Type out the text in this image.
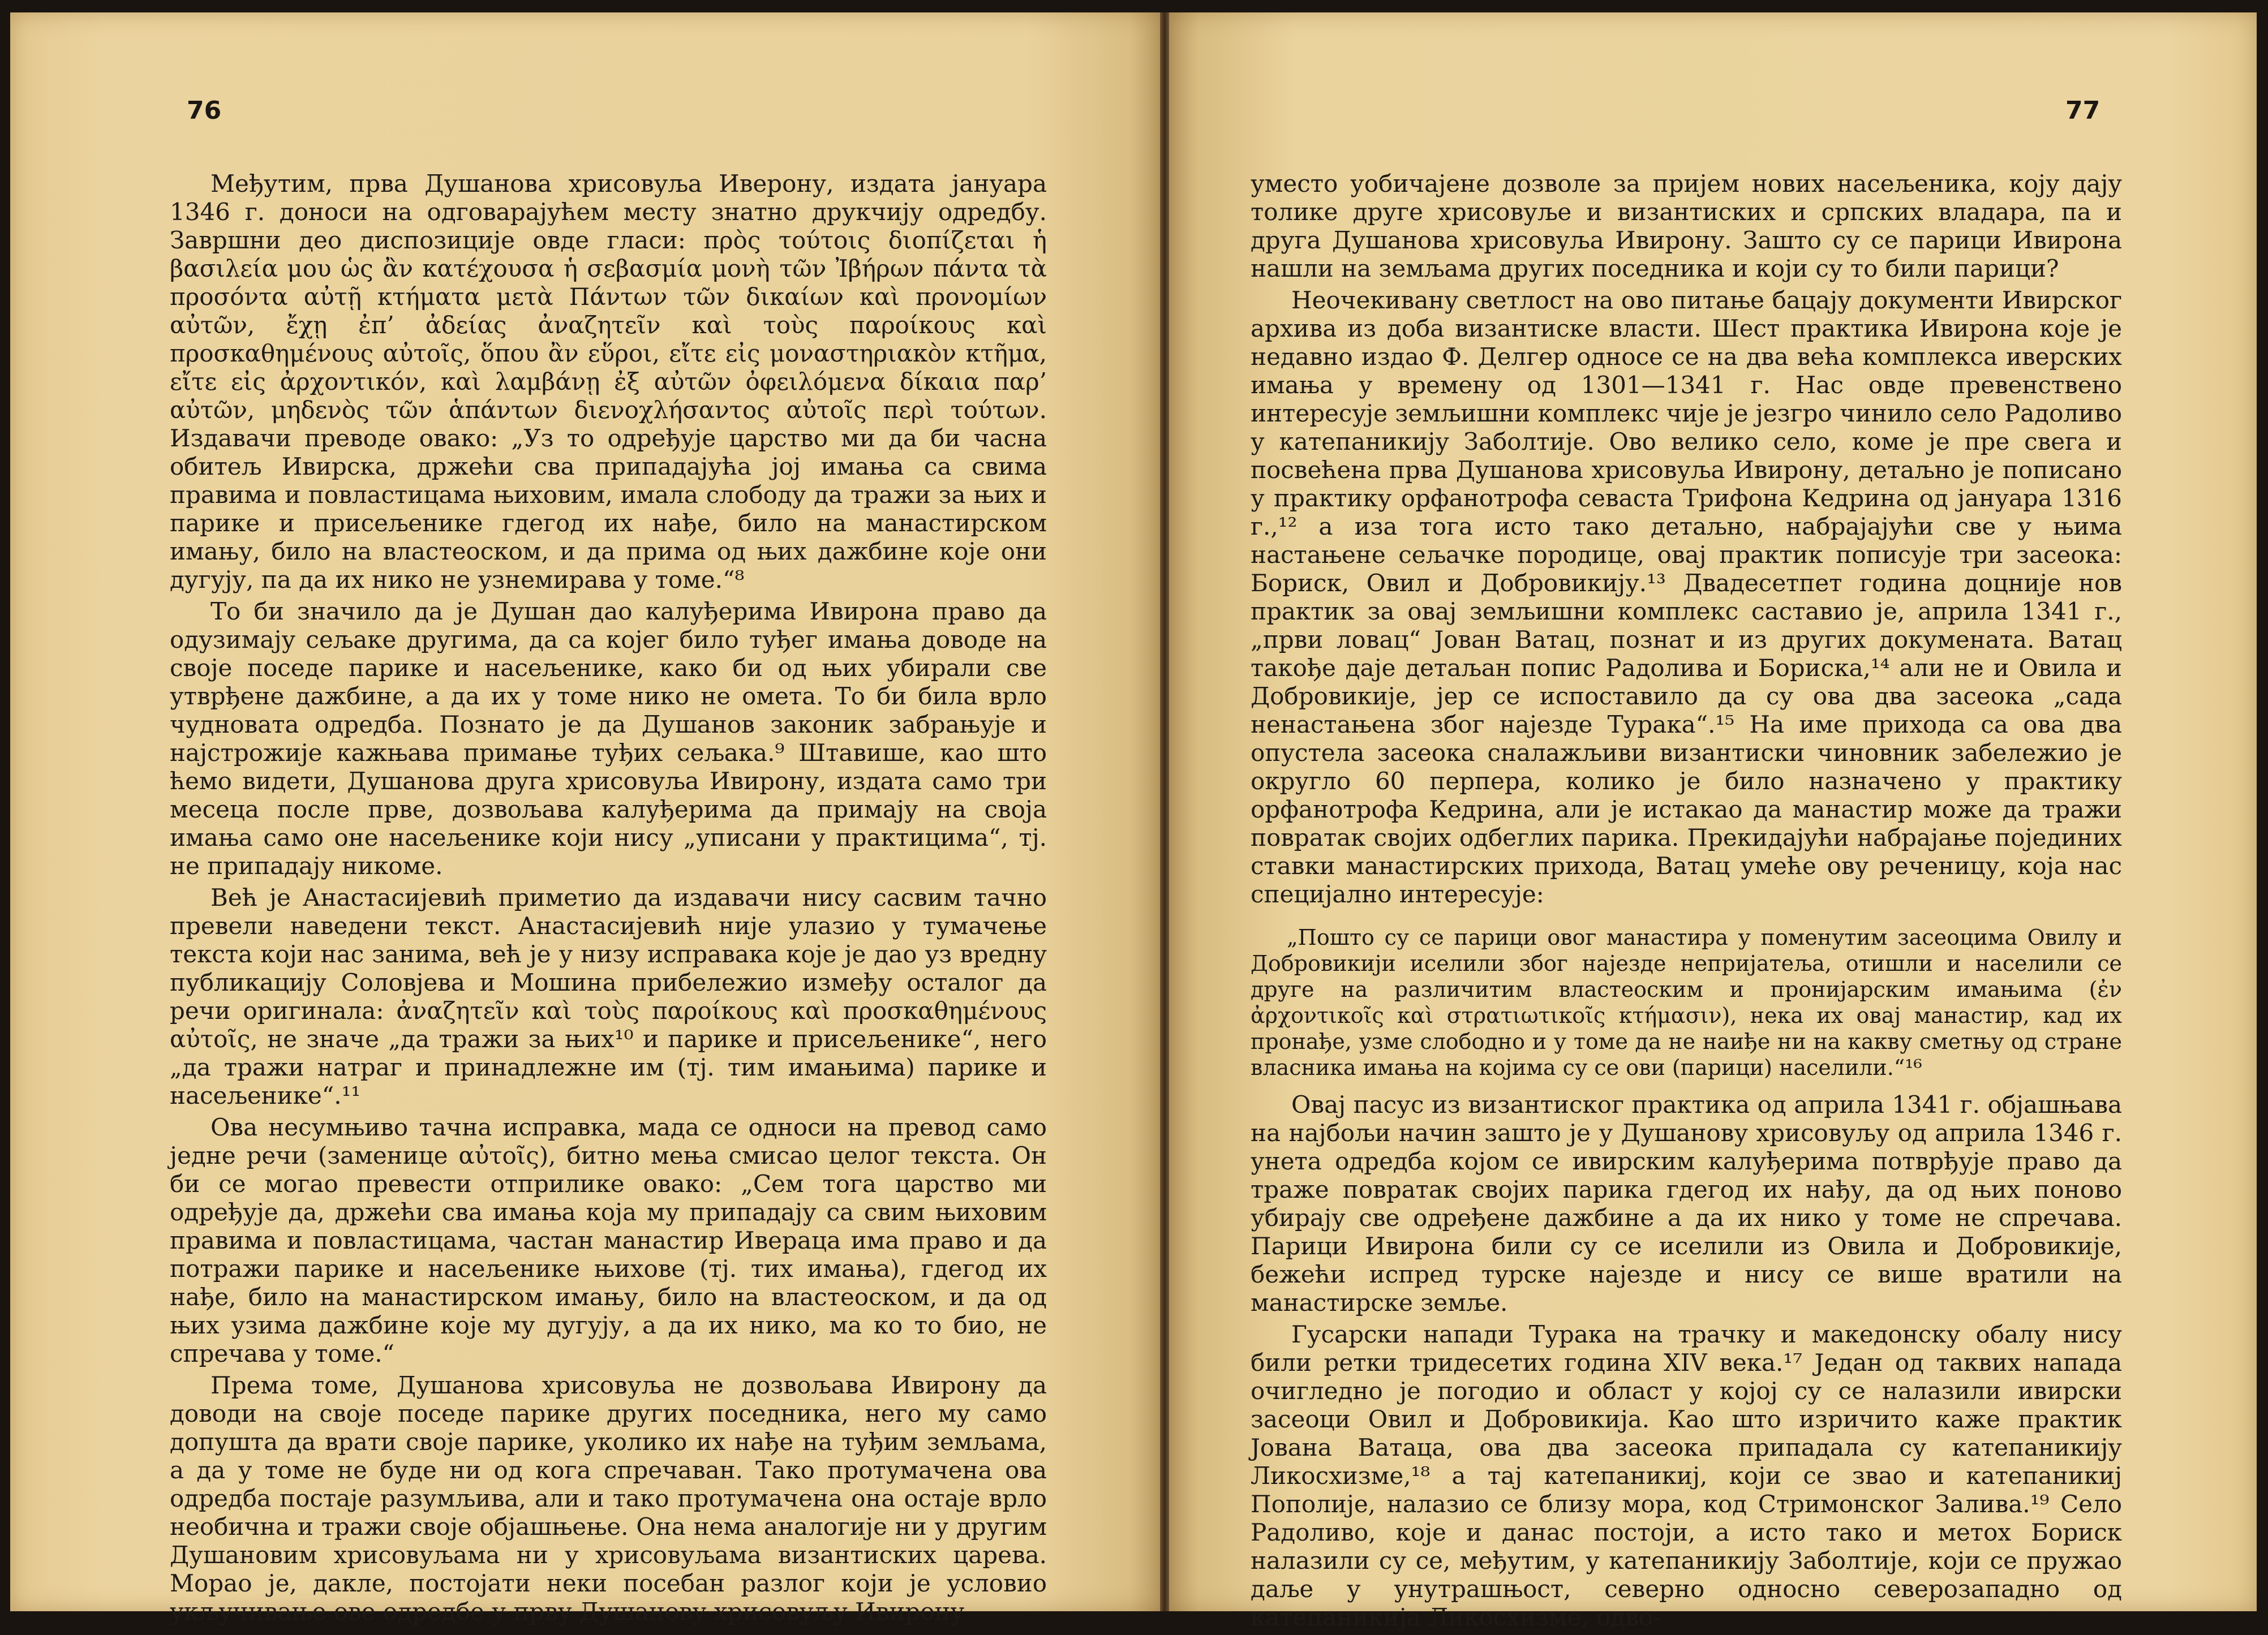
76	77

Међутим, прва Душанова хрисовуља Иверону, издата јануара 1346 г. доноси на одговарајућем месту знатно друкчију одредбу. Завршни део диспозиције овде гласи: πρὸς τούτοις διοπίζεται ἡ βασιλεία μου ὡς ἂν κατέχουσα ἡ σεβασμία μονὴ τῶν Ἰβήρων πάντα τὰ προσόντα αὐτῇ κτήματα μετὰ Πάντων τῶν δικαίων καὶ προνομίων αὐτῶν, ἔχῃ ἐπ’ ἀδείας ἀναζητεῖν καὶ τοὺς παροίκους καὶ προσκαθημένους αὐτοῖς, ὅπου ἂν εὕροι, εἴτε εἰς μοναστηριακὸν κτῆμα, εἴτε εἰς ἀρχοντικόν, καὶ λαμβάνῃ ἐξ αὐτῶν ὀφειλόμενα δίκαια παρ’ αὐτῶν, μηδενὸς τῶν ἁπάντων διενοχλήσαντος αὐτοῖς περὶ τούτων. Издавачи преводе овако: „Уз то одређује царство ми да би часна обитељ Ивирска, држећи сва припадајућа јој имања са свима правима и повластицама њиховим, имала слободу да тражи за њих и парике и присељенике гдегод их нађе, било на манастирском имању, било на властеоском, и да прима од њих дажбине које они дугују, па да их нико не узнемирава у томе.“⁸

То би значило да је Душан дао калуђерима Ивирона право да одузимају сељаке другима, да са којег било туђег имања доводе на своје поседе парике и насељенике, како би од њих убирали све утврђене дажбине, а да их у томе нико не омета. То би била врло чудновата одредба. Познато је да Душанов законик забрањује и најстрожије кажњава примање туђих сељака.⁹ Штавише, као што ћемо видети, Душанова друга хрисовуља Ивирону, издата само три месеца после прве, дозвољава калуђерима да примају на своја имања само оне насељенике који нису „уписани у практицима“, тј. не припадају никоме.

Већ је Анастасијевић приметио да издавачи нису сасвим тачно превели наведени текст. Анастасијевић није улазио у тумачење текста који нас занима, већ је у низу исправака које је дао уз вредну публикацију Соловјева и Мошина прибележио између осталог да речи оригинала: ἀναζητεῖν καὶ τοὺς παροίκους καὶ προσκαθημένους αὐτοῖς, не значе „да тражи за њих¹⁰ и парике и присељенике“, него „да тражи натраг и принадлежне им (тј. тим имањима) парике и насељенике“.¹¹

Ова несумњиво тачна исправка, мада се односи на превод само једне речи (заменице αὐτοῖς), битно мења смисао целог текста. Он би се могао превести отприлике овако: „Сем тога царство ми одређује да, држећи сва имања која му припадају са свим њиховим правима и повластицама, частан манастир Ивераца има право и да потражи парике и насељенике њихове (тј. тих имања), гдегод их нађе, било на манастирском имању, било на властеоском, и да од њих узима дажбине које му дугују, а да их нико, ма ко то био, не спречава у томе.“

Према томе, Душанова хрисовуља не дозвољава Ивирону да доводи на своје поседе парике других поседника, него му само допушта да врати своје парике, уколико их нађе на туђим земљама, а да у томе не буде ни од кога спречаван. Тако протумачена ова одредба постаје разумљива, али и тако протумачена она остаје врло необична и тражи своје објашњење. Она нема аналогије ни у другим Душановим хрисовуљама ни у хрисовуљама византиских царева. Морао је, дакле, постојати неки посебан разлог који је условио укључивање ове одредбе у прву Душанову хрисовуљу Ивирону

уместо уобичајене дозволе за пријем нових насељеника, коју дају толике друге хрисовуље и византиских и српских владара, па и друга Душанова хрисовуља Ивирону. Зашто су се парици Ивирона нашли на земљама других поседника и који су то били парици?

Неочекивану светлост на ово питање бацају документи Ивирског архива из доба византиске власти. Шест практика Ивирона које је недавно издао Ф. Делгер односе се на два већа комплекса иверских имања у времену од 1301—1341 г. Нас овде превенствено интересује земљишни комплекс чије је језгро чинило село Радоливо у катепаникију Заболтије. Ово велико село, коме је пре свега и посвећена прва Душанова хрисовуља Ивирону, детаљно је пописано у практику орфанотрофа севаста Трифона Кедрина од јануара 1316 г.,¹² а иза тога исто тако детаљно, набрајајући све у њима настањене сељачке породице, овај практик пописује три засеока: Бориск, Овил и Добровикију.¹³ Двадесетпет година доцније нов практик за овај земљишни комплекс саставио је, априла 1341 г., „први ловац“ Јован Ватац, познат и из других докумената. Ватац такође даје детаљан попис Радолива и Бориска,¹⁴ али не и Овила и Добровикије, јер се испоставило да су ова два засеока „сада ненастањена због најезде Турака“.¹⁵ На име прихода са ова два опустела засеока сналажљиви византиски чиновник забележио је округло 60 перпера, колико је било назначено у практику орфанотрофа Кедрина, али је истакао да манастир може да тражи повратак својих одбеглих парика. Прекидајући набрајање појединих ставки манастирских прихода, Ватац умеће ову реченицу, која нас специјално интересује:

„Пошто су се парици овог манастира у поменутим засеоцима Овилу и Добровикији иселили због најезде непријатеља, отишли и населили се друге на различитим властеоским и пронијарским имањима (ἐν ἀρχοντικοῖς καὶ στρατιωτικοῖς κτήμασιν), нека их овај манастир, кад их пронађе, узме слободно и у томе да не наиђе ни на какву сметњу од стране власника имања на којима су се ови (парици) населили.“¹⁶

Овај пасус из византиског практика од априла 1341 г. објашњава на најбољи начин зашто је у Душанову хрисовуљу од априла 1346 г. унета одредба којом се ивирским калуђерима потврђује право да траже повратак својих парика гдегод их нађу, да од њих поново убирају све одређене дажбине а да их нико у томе не спречава. Парици Ивирона били су се иселили из Овила и Добровикије, бежећи испред турске најезде и нису се више вратили на манастирске земље.

Гусарски напади Турака на трачку и македонску обалу нису били ретки тридесетих година XIV века.¹⁷ Један од таквих напада очигледно је погодио и област у којој су се налазили ивирски засеоци Овил и Добровикија. Као што изричито каже практик Јована Ватаца, ова два засеока припадала су катепаникију Ликосхизме,¹⁸ а тај катепаникиј, који се звао и катепаникиј Пополије, налазио се близу мора, код Стримонског Залива.¹⁹ Село Радоливо, које и данас постоји, а исто тако и метох Бориск налазили су се, међутим, у катепаникију Заболтије, који се пружао даље у унутрашњост, северно односно северозападно од катепаникија Ликосхизме, одво-
